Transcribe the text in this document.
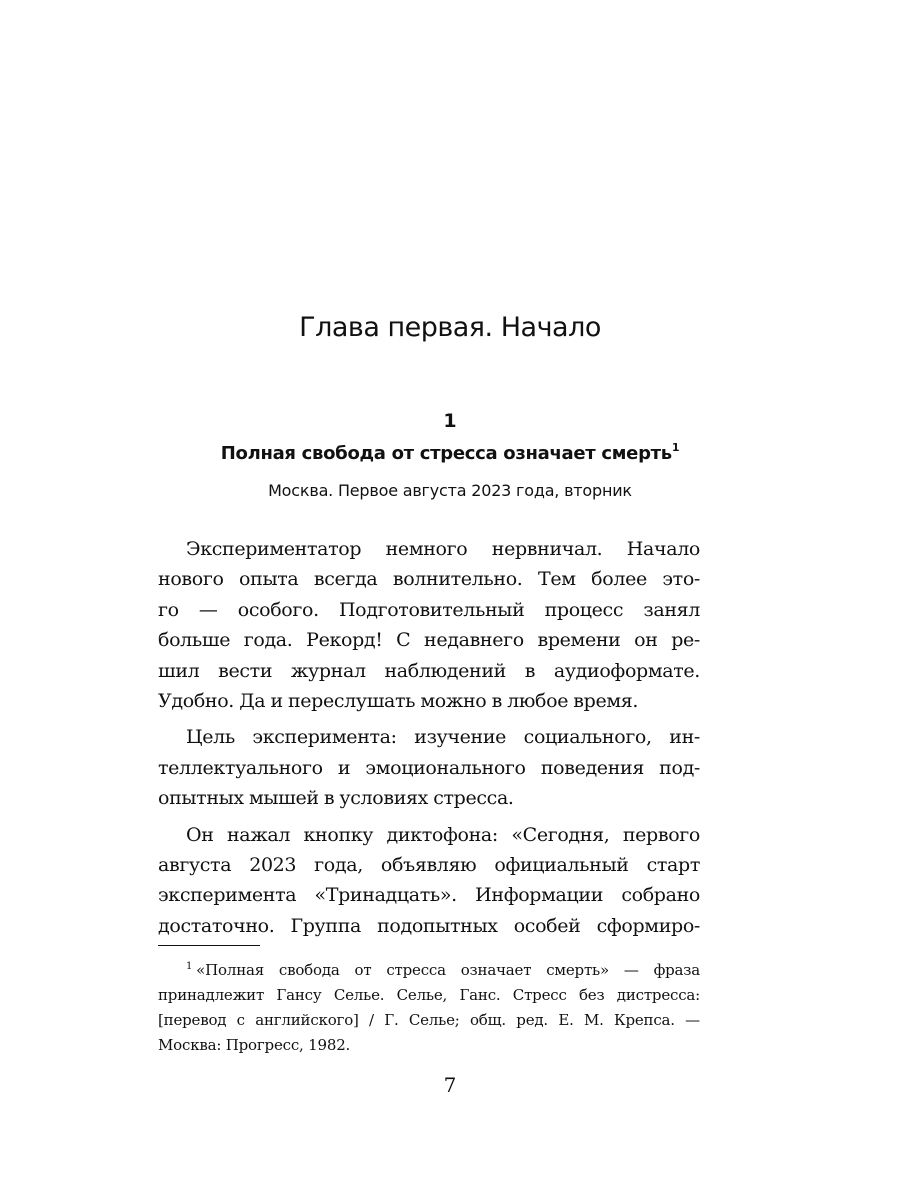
Глава первая. Начало
1
Полная свобода от стресса означает смерть$^1$
Москва. Первое августа 2023 года, вторник
Экспериментатор немного нервничал. Начало
нового опыта всегда волнительно. Тем более это-
го — особого. Подготовительный процесс занял
больше года. Рекорд! С недавнего времени он ре-
шил вести журнал наблюдений в аудиоформате.
Удобно. Да и переслушать можно в любое время.
Цель эксперимента: изучение социального, ин-
теллектуального и эмоционального поведения под-
опытных мышей в условиях стресса.
Он нажал кнопку диктофона: «Сегодня, первого
августа 2023 года, объявляю официальный старт
эксперимента «Тринадцать». Информации собрано
достаточно. Группа подопытных особей сформиро-
$^1$ «Полная свобода от стресса означает смерть» — фраза
принадлежит Гансу Селье. Селье, Ганс. Стресс без дистресса:
[перевод с английского] / Г. Селье; общ. ред. Е. М. Крепса. —
Москва: Прогресс, 1982.
7
